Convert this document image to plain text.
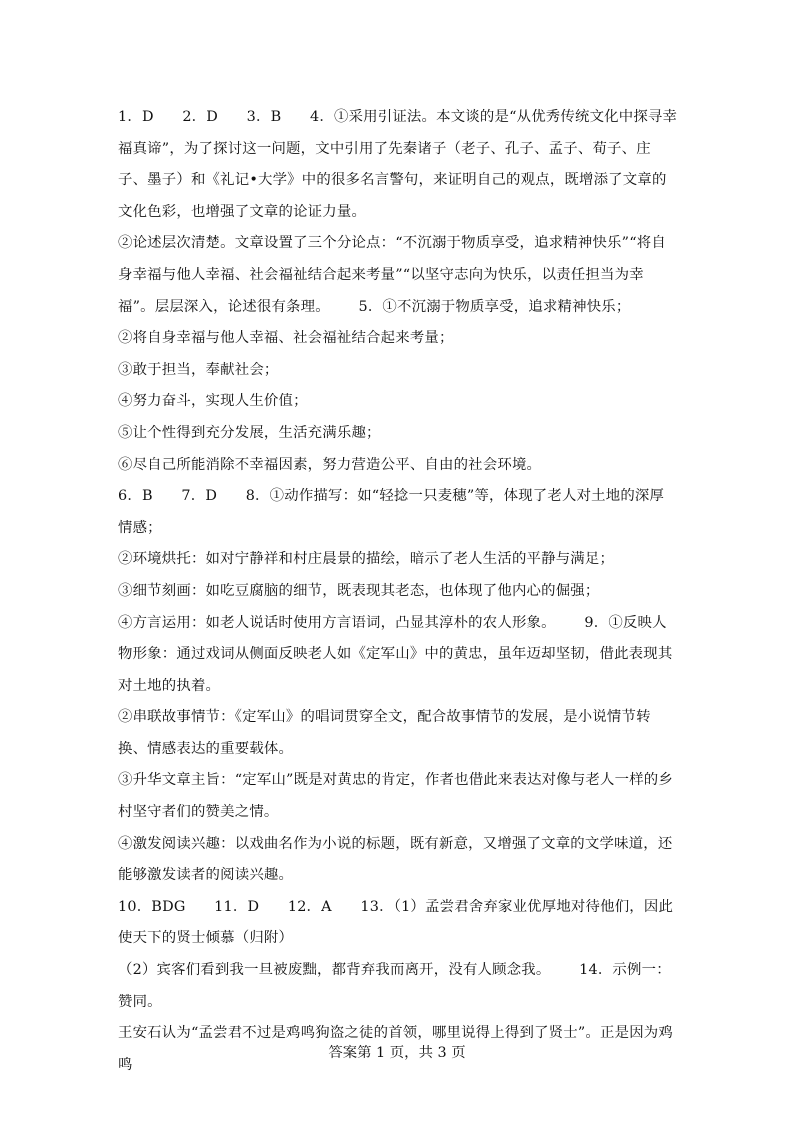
1．D      2．D      3．B      4．①采用引证法。本文谈的是“从优秀传统文化中探寻幸福真谛”，为了探讨这一问题，文中引用了先秦诸子（老子、孔子、孟子、荀子、庄子、墨子）和《礼记•大学》中的很多名言警句，来证明自己的观点，既增添了文章的文化色彩，也增强了文章的论证力量。

②论述层次清楚。文章设置了三个分论点：“不沉溺于物质享受，追求精神快乐”“将自身幸福与他人幸福、社会福祉结合起来考量”“以坚守志向为快乐，以责任担当为幸福”。层层深入，论述很有条理。      5．①不沉溺于物质享受，追求精神快乐；

②将自身幸福与他人幸福、社会福祉结合起来考量；

③敢于担当，奉献社会；

④努力奋斗，实现人生价值；

⑤让个性得到充分发展，生活充满乐趣；

⑥尽自己所能消除不幸福因素，努力营造公平、自由的社会环境。

6．B      7．D      8．①动作描写：如“轻捻一只麦穗”等，体现了老人对土地的深厚情感；

②环境烘托：如对宁静祥和村庄晨景的描绘，暗示了老人生活的平静与满足；

③细节刻画：如吃豆腐脑的细节，既表现其老态，也体现了他内心的倔强；

④方言运用：如老人说话时使用方言语词，凸显其淳朴的农人形象。      9．①反映人物形象：通过戏词从侧面反映老人如《定军山》中的黄忠，虽年迈却坚韧，借此表现其对土地的执着。

②串联故事情节：《定军山》的唱词贯穿全文，配合故事情节的发展，是小说情节转换、情感表达的重要载体。

③升华文章主旨：“定军山”既是对黄忠的肯定，作者也借此来表达对像与老人一样的乡村坚守者们的赞美之情。

④激发阅读兴趣：以戏曲名作为小说的标题，既有新意，又增强了文章的文学味道，还能够激发读者的阅读兴趣。

10．BDG      11．D      12．A      13．（1）孟尝君舍弃家业优厚地对待他们，因此使天下的贤士倾慕（归附）

（2）宾客们看到我一旦被废黜，都背弃我而离开，没有人顾念我。      14．示例一：赞同。

王安石认为“孟尝君不过是鸡鸣狗盗之徒的首领，哪里说得上得到了贤士”。正是因为鸡鸣

答案第 1 页，共 3 页
